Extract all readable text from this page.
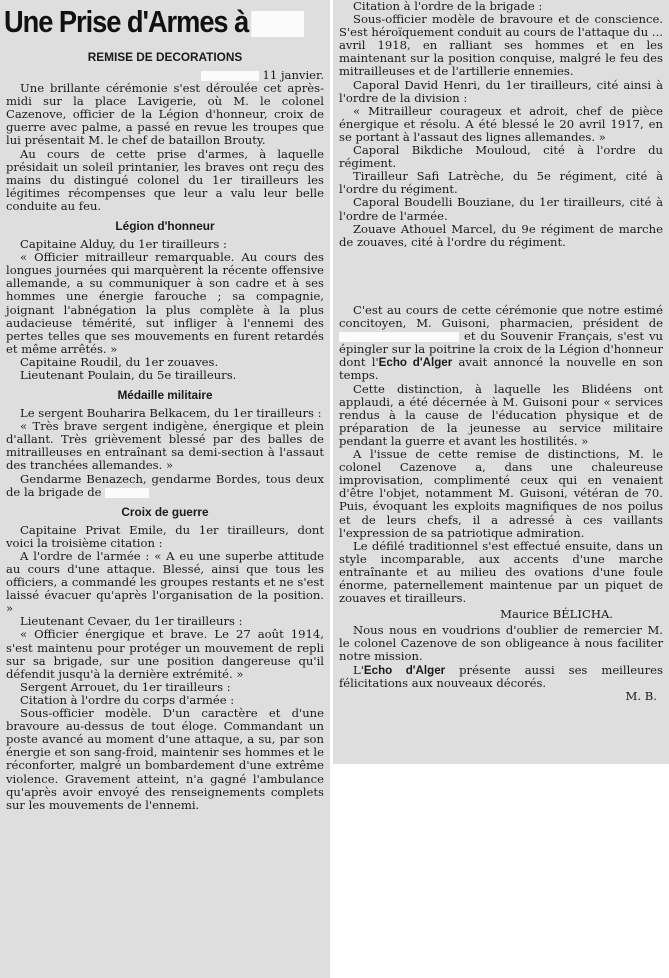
Une Prise d'Armes à
REMISE DE DECORATIONS
11 janvier.

Une brillante cérémonie s'est déroulée cet après-midi sur la place Lavigerie, où M. le colonel Cazenove, officier de la Légion d'honneur, croix de guerre avec palme, a passé en revue les troupes que lui présentait M. le chef de bataillon Brouty.

Au cours de cette prise d'armes, à laquelle présidait un soleil printanier, les braves ont reçu des mains du distingué colonel du 1er tirailleurs les légitimes récompenses que leur a valu leur belle conduite au feu.

Légion d'honneur

Capitaine Alduy, du 1er tirailleurs :

« Officier mitrailleur remarquable. Au cours des longues journées qui marquèrent la récente offensive allemande, a su communiquer à son cadre et à ses hommes une énergie farouche ; sa compagnie, joignant l'abnégation la plus complète à la plus audacieuse témérité, sut infliger à l'ennemi des pertes telles que ses mouvements en furent retardés et même arrêtés. »

Capitaine Roudil, du 1er zouaves.

Lieutenant Poulain, du 5e tirailleurs.

Médaille militaire

Le sergent Bouharira Belkacem, du 1er tirailleurs :

« Très brave sergent indigène, énergique et plein d'allant. Très grièvement blessé par des balles de mitrailleuses en entraînant sa demi-section à l'assaut des tranchées allemandes. »

Gendarme Benazech, gendarme Bordes, tous deux de la brigade de

Croix de guerre

Capitaine Privat Emile, du 1er tirailleurs, dont voici la troisième citation :

A l'ordre de l'armée : « A eu une superbe attitude au cours d'une attaque. Blessé, ainsi que tous les officiers, a commandé les groupes restants et ne s'est laissé évacuer qu'après l'organisation de la position. »

Lieutenant Cevaer, du 1er tirailleurs :

« Officier énergique et brave. Le 27 août 1914, s'est maintenu pour protéger un mouvement de repli sur sa brigade, sur une position dangereuse qu'il défendit jusqu'à la dernière extrémité. »

Sergent Arrouet, du 1er tirailleurs :

Citation à l'ordre du corps d'armée :

Sous-officier modèle. D'un caractère et d'une bravoure au-dessus de tout éloge. Commandant un poste avancé au moment d'une attaque, a su, par son énergie et son sang-froid, maintenir ses hommes et le réconforter, malgré un bombardement d'une extrême violence. Gravement atteint, n'a gagné l'ambulance qu'après avoir envoyé des renseignements complets sur les mouvements de l'ennemi.

Citation à l'ordre de la brigade :

Sous-officier modèle de bravoure et de conscience. S'est héroïquement conduit au cours de l'attaque du ... avril 1918, en ralliant ses hommes et en les maintenant sur la position conquise, malgré le feu des mitrailleuses et de l'artillerie ennemies.

Caporal David Henri, du 1er tirailleurs, cité ainsi à l'ordre de la division :

« Mitrailleur courageux et adroit, chef de pièce énergique et résolu. A été blessé le 20 avril 1917, en se portant à l'assaut des lignes allemandes. »

Caporal Bikdiche Mouloud, cité à l'ordre du régiment.

Tirailleur Safi Latrèche, du 5e régiment, cité à l'ordre du régiment.

Caporal Boudelli Bouziane, du 1er tirailleurs, cité à l'ordre de l'armée.

Zouave Athouel Marcel, du 9e régiment de marche de zouaves, cité à l'ordre du régiment.

C'est au cours de cette cérémonie que notre estimé concitoyen, M. Guisoni, pharmacien, président de  et du Souvenir Français, s'est vu épingler sur la poitrine la croix de la Légion d'honneur dont l'Echo d'Alger avait annoncé la nouvelle en son temps.

Cette distinction, à laquelle les Blidéens ont applaudi, a été décernée à M. Guisoni pour « services rendus à la cause de l'éducation physique et de préparation de la jeunesse au service militaire pendant la guerre et avant les hostilités. »

A l'issue de cette remise de distinctions, M. le colonel Cazenove a, dans une chaleureuse improvisation, complimenté ceux qui en venaient d'être l'objet, notamment M. Guisoni, vétéran de 70. Puis, évoquant les exploits magnifiques de nos poilus et de leurs chefs, il a adressé à ces vaillants l'expression de sa patriotique admiration.

Le défilé traditionnel s'est effectué ensuite, dans un style incomparable, aux accents d'une marche entraînante et au milieu des ovations d'une foule énorme, paternellement maintenue par un piquet de zouaves et tirailleurs.

Maurice BÉLICHA.

Nous nous en voudrions d'oublier de remercier M. le colonel Cazenove de son obligeance à nous faciliter notre mission.

L'Echo d'Alger présente aussi ses meilleures félicitations aux nouveaux décorés.

M. B.
